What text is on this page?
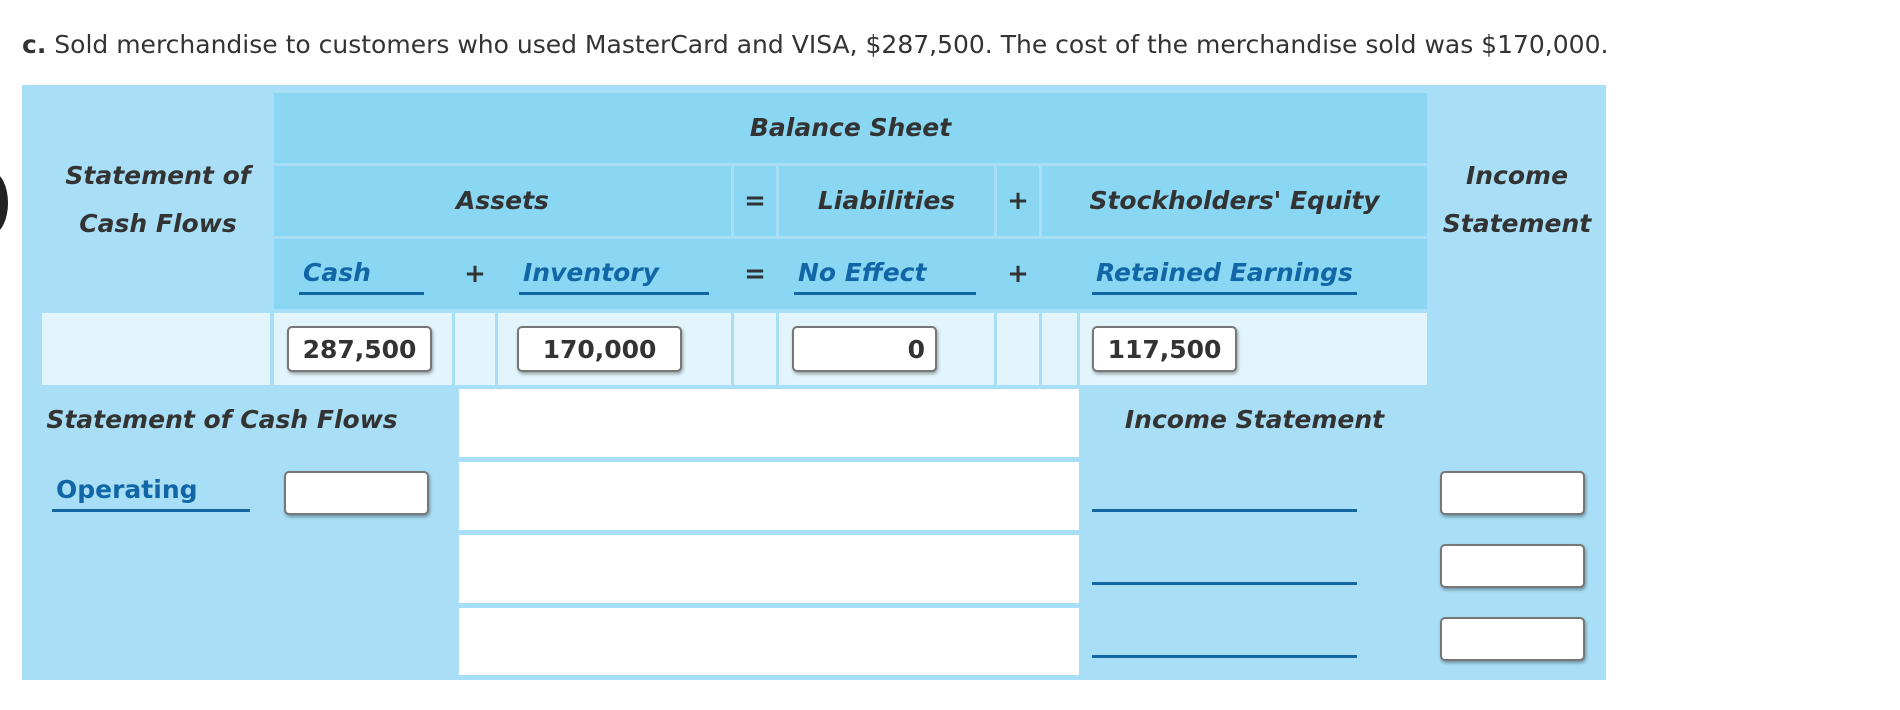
c. Sold merchandise to customers who used MasterCard and VISA, $287,500. The cost of the merchandise sold was $170,000.
Statement of
Cash Flows
Balance Sheet
Assets	=	Liabilities	+	Stockholders' Equity
Income
Statement
Cash	+	Inventory	=	No Effect	+	Retained Earnings
287,500	170,000	0	117,500
Statement of Cash Flows	Income Statement
Operating
